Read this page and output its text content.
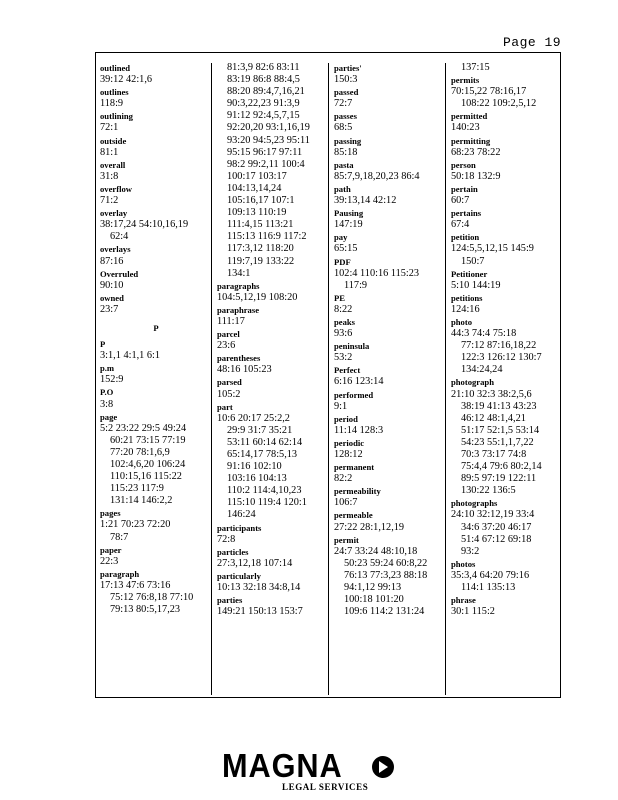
Page 19
outlined
39:12 42:1,6
outlines
118:9
outlining
72:1
outside
81:1
overall
31:8
overflow
71:2
overlay
38:17,24 54:10,16,19
62:4
overlays
87:16
Overruled
90:10
owned
23:7
P
P
3:1,1 4:1,1 6:1
p.m
152:9
P.O
3:8
page
5:2 23:22 29:5 49:24
60:21 73:15 77:19
77:20 78:1,6,9
102:4,6,20 106:24
110:15,16 115:22
115:23 117:9
131:14 146:2,2
pages
1:21 70:23 72:20
78:7
paper
22:3
paragraph
17:13 47:6 73:16
75:12 76:8,18 77:10
79:13 80:5,17,23
81:3,9 82:6 83:11
83:19 86:8 88:4,5
88:20 89:4,7,16,21
90:3,22,23 91:3,9
91:12 92:4,5,7,15
92:20,20 93:1,16,19
93:20 94:5,23 95:11
95:15 96:17 97:11
98:2 99:2,11 100:4
100:17 103:17
104:13,14,24
105:16,17 107:1
109:13 110:19
111:4,15 113:21
115:13 116:9 117:2
117:3,12 118:20
119:7,19 133:22
134:1
paragraphs
104:5,12,19 108:20
paraphrase
111:17
parcel
23:6
parentheses
48:16 105:23
parsed
105:2
part
10:6 20:17 25:2,2
29:9 31:7 35:21
53:11 60:14 62:14
65:14,17 78:5,13
91:16 102:10
103:16 104:13
110:2 114:4,10,23
115:10 119:4 120:1
146:24
participants
72:8
particles
27:3,12,18 107:14
particularly
10:13 32:18 34:8,14
parties
149:21 150:13 153:7
parties'
150:3
passed
72:7
passes
68:5
passing
85:18
pasta
85:7,9,18,20,23 86:4
path
39:13,14 42:12
Pausing
147:19
pay
65:15
PDF
102:4 110:16 115:23
117:9
PE
8:22
peaks
93:6
peninsula
53:2
Perfect
6:16 123:14
performed
9:1
period
11:14 128:3
periodic
128:12
permanent
82:2
permeability
106:7
permeable
27:22 28:1,12,19
permit
24:7 33:24 48:10,18
50:23 59:24 60:8,22
76:13 77:3,23 88:18
94:1,12 99:13
100:18 101:20
109:6 114:2 131:24
137:15
permits
70:15,22 78:16,17
108:22 109:2,5,12
permitted
140:23
permitting
68:23 78:22
person
50:18 132:9
pertain
60:7
pertains
67:4
petition
124:5,5,12,15 145:9
150:7
Petitioner
5:10 144:19
petitions
124:16
photo
44:3 74:4 75:18
77:12 87:16,18,22
122:3 126:12 130:7
134:24,24
photograph
21:10 32:3 38:2,5,6
38:19 41:13 43:23
46:12 48:1,4,21
51:17 52:1,5 53:14
54:23 55:1,1,7,22
70:3 73:17 74:8
75:4,4 79:6 80:2,14
89:5 97:19 122:11
130:22 136:5
photographs
24:10 32:12,19 33:4
34:6 37:20 46:17
51:4 67:12 69:18
93:2
photos
35:3,4 64:20 79:16
114:1 135:13
phrase
30:1 115:2
MAGNA
LEGAL SERVICES
